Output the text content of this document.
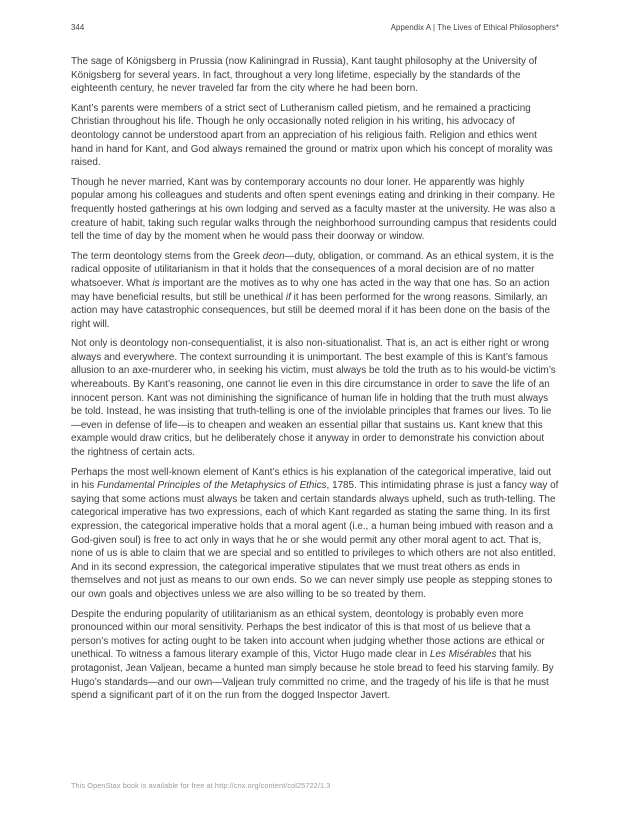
344	Appendix A | The Lives of Ethical Philosophers*

The sage of Königsberg in Prussia (now Kaliningrad in Russia), Kant taught philosophy at the University of Königsberg for several years. In fact, throughout a very long lifetime, especially by the standards of the eighteenth century, he never traveled far from the city where he had been born.

Kant’s parents were members of a strict sect of Lutheranism called pietism, and he remained a practicing Christian throughout his life. Though he only occasionally noted religion in his writing, his advocacy of deontology cannot be understood apart from an appreciation of his religious faith. Religion and ethics went hand in hand for Kant, and God always remained the ground or matrix upon which his concept of morality was raised.

Though he never married, Kant was by contemporary accounts no dour loner. He apparently was highly popular among his colleagues and students and often spent evenings eating and drinking in their company. He frequently hosted gatherings at his own lodging and served as a faculty master at the university. He was also a creature of habit, taking such regular walks through the neighborhood surrounding campus that residents could tell the time of day by the moment when he would pass their doorway or window.

The term deontology stems from the Greek deon—duty, obligation, or command. As an ethical system, it is the radical opposite of utilitarianism in that it holds that the consequences of a moral decision are of no matter whatsoever. What is important are the motives as to why one has acted in the way that one has. So an action may have beneficial results, but still be unethical if it has been performed for the wrong reasons. Similarly, an action may have catastrophic consequences, but still be deemed moral if it has been done on the basis of the right will.

Not only is deontology non-consequentialist, it is also non-situationalist. That is, an act is either right or wrong always and everywhere. The context surrounding it is unimportant. The best example of this is Kant’s famous allusion to an axe-murderer who, in seeking his victim, must always be told the truth as to his would-be victim’s whereabouts. By Kant’s reasoning, one cannot lie even in this dire circumstance in order to save the life of an innocent person. Kant was not diminishing the significance of human life in holding that the truth must always be told. Instead, he was insisting that truth-telling is one of the inviolable principles that frames our lives. To lie—even in defense of life—is to cheapen and weaken an essential pillar that sustains us. Kant knew that this example would draw critics, but he deliberately chose it anyway in order to demonstrate his conviction about the rightness of certain acts.

Perhaps the most well-known element of Kant’s ethics is his explanation of the categorical imperative, laid out in his Fundamental Principles of the Metaphysics of Ethics, 1785. This intimidating phrase is just a fancy way of saying that some actions must always be taken and certain standards always upheld, such as truth-telling. The categorical imperative has two expressions, each of which Kant regarded as stating the same thing. In its first expression, the categorical imperative holds that a moral agent (i.e., a human being imbued with reason and a God-given soul) is free to act only in ways that he or she would permit any other moral agent to act. That is, none of us is able to claim that we are special and so entitled to privileges to which others are not also entitled. And in its second expression, the categorical imperative stipulates that we must treat others as ends in themselves and not just as means to our own ends. So we can never simply use people as stepping stones to our own goals and objectives unless we are also willing to be so treated by them.

Despite the enduring popularity of utilitarianism as an ethical system, deontology is probably even more pronounced within our moral sensitivity. Perhaps the best indicator of this is that most of us believe that a person’s motives for acting ought to be taken into account when judging whether those actions are ethical or unethical. To witness a famous literary example of this, Victor Hugo made clear in Les Misérables that his protagonist, Jean Valjean, became a hunted man simply because he stole bread to feed his starving family. By Hugo’s standards—and our own—Valjean truly committed no crime, and the tragedy of his life is that he must spend a significant part of it on the run from the dogged Inspector Javert.

This OpenStax book is available for free at http://cnx.org/content/col25722/1.3
